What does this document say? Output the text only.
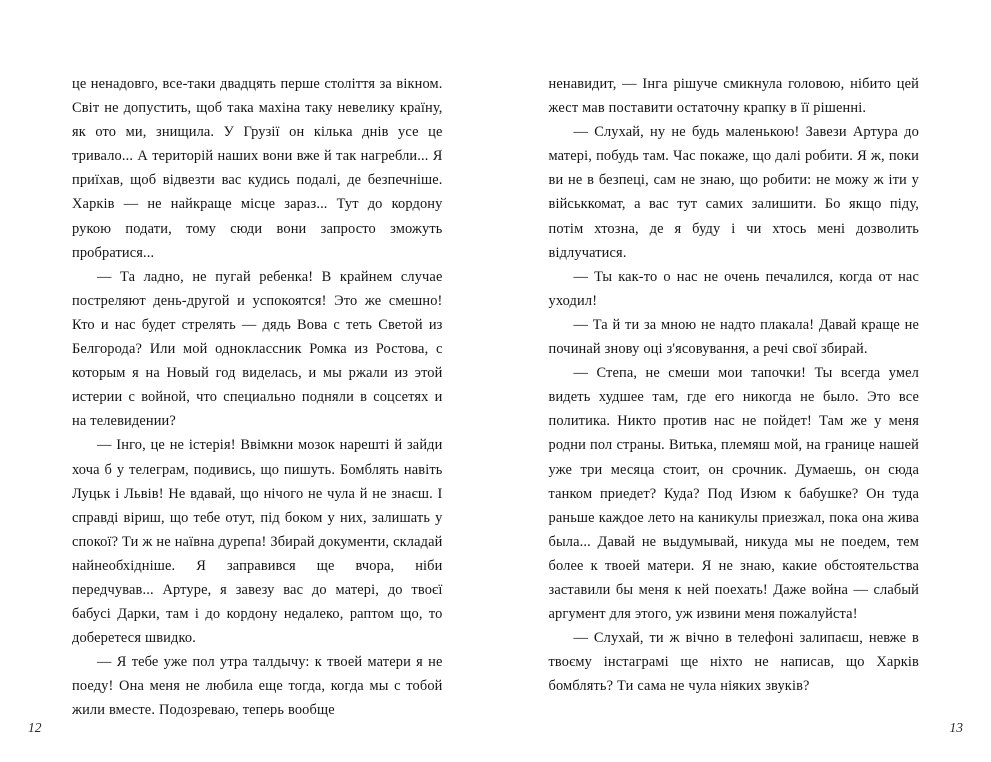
це ненадовго, все-таки двадцять перше століття за вікном. Світ не допустить, щоб така махіна таку невелику країну, як ото ми, знищила. У Грузії он кілька днів усе це тривало... А територій наших вони вже й так нагребли... Я приїхав, щоб відвезти вас кудись подалі, де безпечніше. Харків — не найкраще місце зараз... Тут до кордону рукою подати, тому сюди вони запросто зможуть пробратися...

— Та ладно, не пугай ребенка! В крайнем случае постреляют день-другой и успокоятся! Это же смешно! Кто и нас будет стрелять — дядь Вова с теть Светой из Белгорода? Или мой одноклассник Ромка из Ростова, с которым я на Новый год виделась, и мы ржали из этой истерии с войной, что специально подняли в соцсетях и на телевидении?

— Інго, це не істерія! Ввімкни мозок нарешті й зайди хоча б у телеграм, подивись, що пишуть. Бомблять навіть Луцьк і Львів! Не вдавай, що нічого не чула й не знаєш. І справді віриш, що тебе отут, під боком у них, залишать у спокої? Ти ж не наївна дурепа! Збирай документи, складай найнеобхідніше. Я заправився ще вчора, ніби передчував... Артуре, я завезу вас до матері, до твоєї бабусі Дарки, там і до кордону недалеко, раптом що, то доберетеся швидко.

— Я тебе уже пол утра талдычу: к твоей матери я не поеду! Она меня не любила еще тогда, когда мы с тобой жили вместе. Подозреваю, теперь вообще

12

ненавидит, — Інга рішуче смикнула головою, нібито цей жест мав поставити остаточну крапку в її рішенні.

— Слухай, ну не будь маленькою! Завези Артура до матері, побудь там. Час покаже, що далі робити. Я ж, поки ви не в безпеці, сам не знаю, що робити: не можу ж іти у військкомат, а вас тут самих залишити. Бо якщо піду, потім хтозна, де я буду і чи хтось мені дозволить відлучатися.

— Ты как-то о нас не очень печалился, когда от нас уходил!

— Та й ти за мною не надто плакала! Давай краще не починай знову оці з'ясовування, а речі свої збирай.

— Степа, не смеши мои тапочки! Ты всегда умел видеть худшее там, где его никогда не было. Это все политика. Никто против нас не пойдет! Там же у меня родни пол страны. Витька, племяш мой, на границе нашей уже три месяца стоит, он срочник. Думаешь, он сюда танком приедет? Куда? Под Изюм к бабушке? Он туда раньше каждое лето на каникулы приезжал, пока она жива была... Давай не выдумывай, никуда мы не поедем, тем более к твоей матери. Я не знаю, какие обстоятельства заставили бы меня к ней поехать! Даже война — слабый аргумент для этого, уж извини меня пожалуйста!

— Слухай, ти ж вічно в телефоні залипаєш, невже в твоєму інстаграмі ще ніхто не написав, що Харків бомблять? Ти сама не чула ніяких звуків?

13
